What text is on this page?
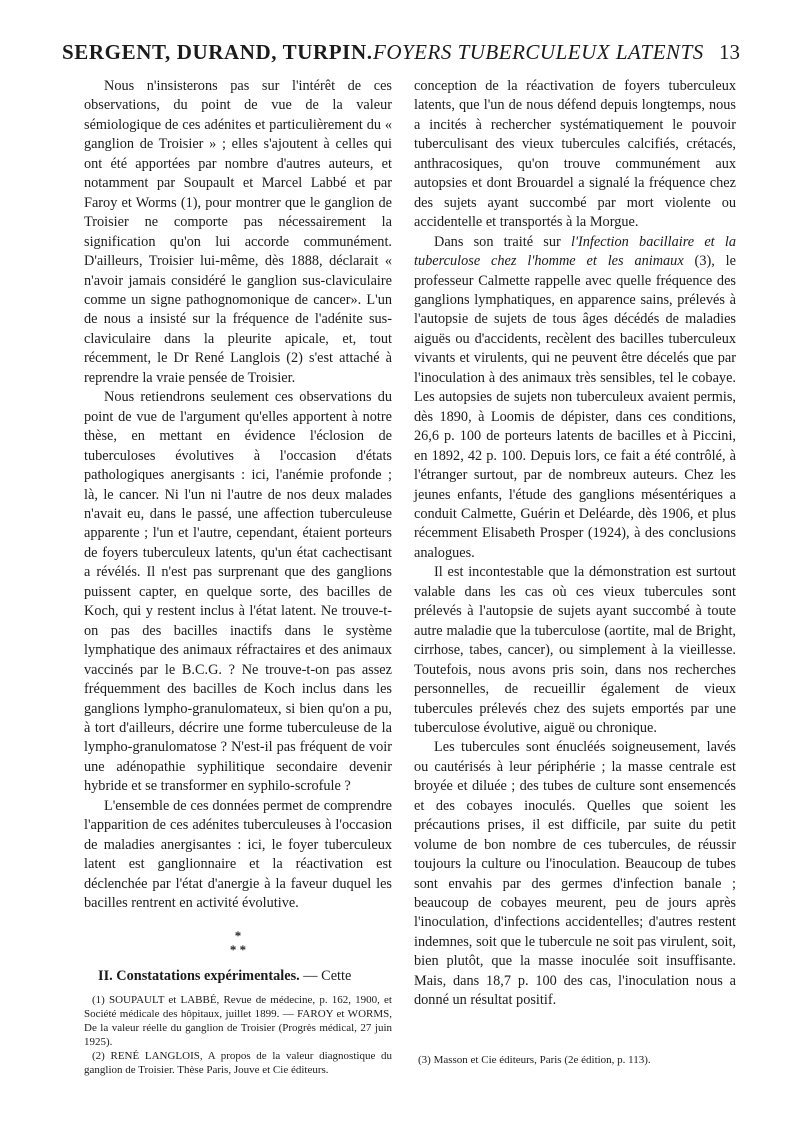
SERGENT, DURAND, TURPIN. FOYERS TUBERCULEUX LATENTS 13

Nous n'insisterons pas sur l'intérêt de ces observations, du point de vue de la valeur sémiologique de ces adénites et particulièrement du « ganglion de Troisier » ; elles s'ajoutent à celles qui ont été apportées par nombre d'autres auteurs, et notamment par Soupault et Marcel Labbé et par Faroy et Worms (1), pour montrer que le ganglion de Troisier ne comporte pas nécessairement la signification qu'on lui accorde communément. D'ailleurs, Troisier lui-même, dès 1888, déclarait « n'avoir jamais considéré le ganglion sus-claviculaire comme un signe pathognomonique de cancer». L'un de nous a insisté sur la fréquence de l'adénite sus-claviculaire dans la pleurite apicale, et, tout récemment, le Dr René Langlois (2) s'est attaché à reprendre la vraie pensée de Troisier.

Nous retiendrons seulement ces observations du point de vue de l'argument qu'elles apportent à notre thèse, en mettant en évidence l'éclosion de tuberculoses évolutives à l'occasion d'états pathologiques anergisants : ici, l'anémie profonde ; là, le cancer. Ni l'un ni l'autre de nos deux malades n'avait eu, dans le passé, une affection tuberculeuse apparente ; l'un et l'autre, cependant, étaient porteurs de foyers tuberculeux latents, qu'un état cachectisant a révélés. Il n'est pas surprenant que des ganglions puissent capter, en quelque sorte, des bacilles de Koch, qui y restent inclus à l'état latent. Ne trouve-t-on pas des bacilles inactifs dans le système lymphatique des animaux réfractaires et des animaux vaccinés par le B.C.G. ? Ne trouve-t-on pas assez fréquemment des bacilles de Koch inclus dans les ganglions lympho-granulomateux, si bien qu'on a pu, à tort d'ailleurs, décrire une forme tuberculeuse de la lympho-granulomatose ? N'est-il pas fréquent de voir une adénopathie syphilitique secondaire devenir hybride et se transformer en syphilo-scrofule ?

L'ensemble de ces données permet de comprendre l'apparition de ces adénites tuberculeuses à l'occasion de maladies anergisantes : ici, le foyer tuberculeux latent est ganglionnaire et la réactivation est déclenchée par l'état d'anergie à la faveur duquel les bacilles rentrent en activité évolutive.

*
* *

II. Constatations expérimentales. — Cette

(1) SOUPAULT et LABBÉ, Revue de médecine, p. 162, 1900, et Société médicale des hôpitaux, juillet 1899. — FAROY et WORMS, De la valeur réelle du ganglion de Troisier (Progrès médical, 27 juin 1925).

(2) RENÉ LANGLOIS, A propos de la valeur diagnostique du ganglion de Troisier. Thèse Paris, Jouve et Cie éditeurs.

conception de la réactivation de foyers tuberculeux latents, que l'un de nous défend depuis longtemps, nous a incités à rechercher systématiquement le pouvoir tuberculisant des vieux tubercules calcifiés, crétacés, anthracosiques, qu'on trouve communément aux autopsies et dont Brouardel a signalé la fréquence chez des sujets ayant succombé par mort violente ou accidentelle et transportés à la Morgue.

Dans son traité sur l'Infection bacillaire et la tuberculose chez l'homme et les animaux (3), le professeur Calmette rappelle avec quelle fréquence des ganglions lymphatiques, en apparence sains, prélevés à l'autopsie de sujets de tous âges décédés de maladies aiguës ou d'accidents, recèlent des bacilles tuberculeux vivants et virulents, qui ne peuvent être décelés que par l'inoculation à des animaux très sensibles, tel le cobaye. Les autopsies de sujets non tuberculeux avaient permis, dès 1890, à Loomis de dépister, dans ces conditions, 26,6 p. 100 de porteurs latents de bacilles et à Piccini, en 1892, 42 p. 100. Depuis lors, ce fait a été contrôlé, à l'étranger surtout, par de nombreux auteurs. Chez les jeunes enfants, l'étude des ganglions mésentériques a conduit Calmette, Guérin et Deléarde, dès 1906, et plus récemment Elisabeth Prosper (1924), à des conclusions analogues.

Il est incontestable que la démonstration est surtout valable dans les cas où ces vieux tubercules sont prélevés à l'autopsie de sujets ayant succombé à toute autre maladie que la tuberculose (aortite, mal de Bright, cirrhose, tabes, cancer), ou simplement à la vieillesse. Toutefois, nous avons pris soin, dans nos recherches personnelles, de recueillir également de vieux tubercules prélevés chez des sujets emportés par une tuberculose évolutive, aiguë ou chronique.

Les tubercules sont énucléés soigneusement, lavés ou cautérisés à leur périphérie ; la masse centrale est broyée et diluée ; des tubes de culture sont ensemencés et des cobayes inoculés. Quelles que soient les précautions prises, il est difficile, par suite du petit volume de bon nombre de ces tubercules, de réussir toujours la culture ou l'inoculation. Beaucoup de tubes sont envahis par des germes d'infection banale ; beaucoup de cobayes meurent, peu de jours après l'inoculation, d'infections accidentelles; d'autres restent indemnes, soit que le tubercule ne soit pas virulent, soit, bien plutôt, que la masse inoculée soit insuffisante. Mais, dans 18,7 p. 100 des cas, l'inoculation nous a donné un résultat positif.

(3) Masson et Cie éditeurs, Paris (2e édition, p. 113).
